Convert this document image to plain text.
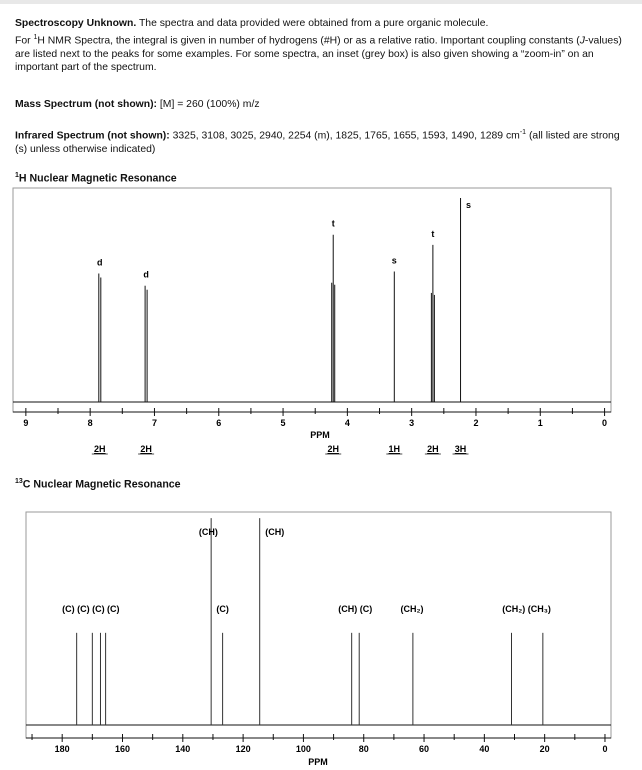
Spectroscopy Unknown. The spectra and data provided were obtained from a pure organic molecule.
For $^1$H NMR Spectra, the integral is given in number of hydrogens (#H) or as a relative ratio. Important coupling constants (J-values) are listed next to the peaks for some examples. For some spectra, an inset (grey box) is also given showing a “zoom-in” on an important part of the spectrum.
Mass Spectrum (not shown): [M] = 260 (100%) m/z
Infrared Spectrum (not shown): 3325, 3108, 3025, 2940, 2254 (m), 1825, 1765, 1655, 1593, 1490, 1289 $cm^{-1}$ (all listed are strong (s) unless otherwise indicated)
$^1$H Nuclear Magnetic Resonance
d
d
t
s
t
s
9	8	7	6	5	4	3	2	1	0
PPM
2H	2H	2H	1H	2H 3H
$^{13}$C Nuclear Magnetic Resonance
(C) (C) (C) (C)
(CH)
(C)
(CH)
(CH) (C)	(CH₂)	(CH₂) (CH₃)
180	160	140	120	100	80	60	40	20	0
PPM
